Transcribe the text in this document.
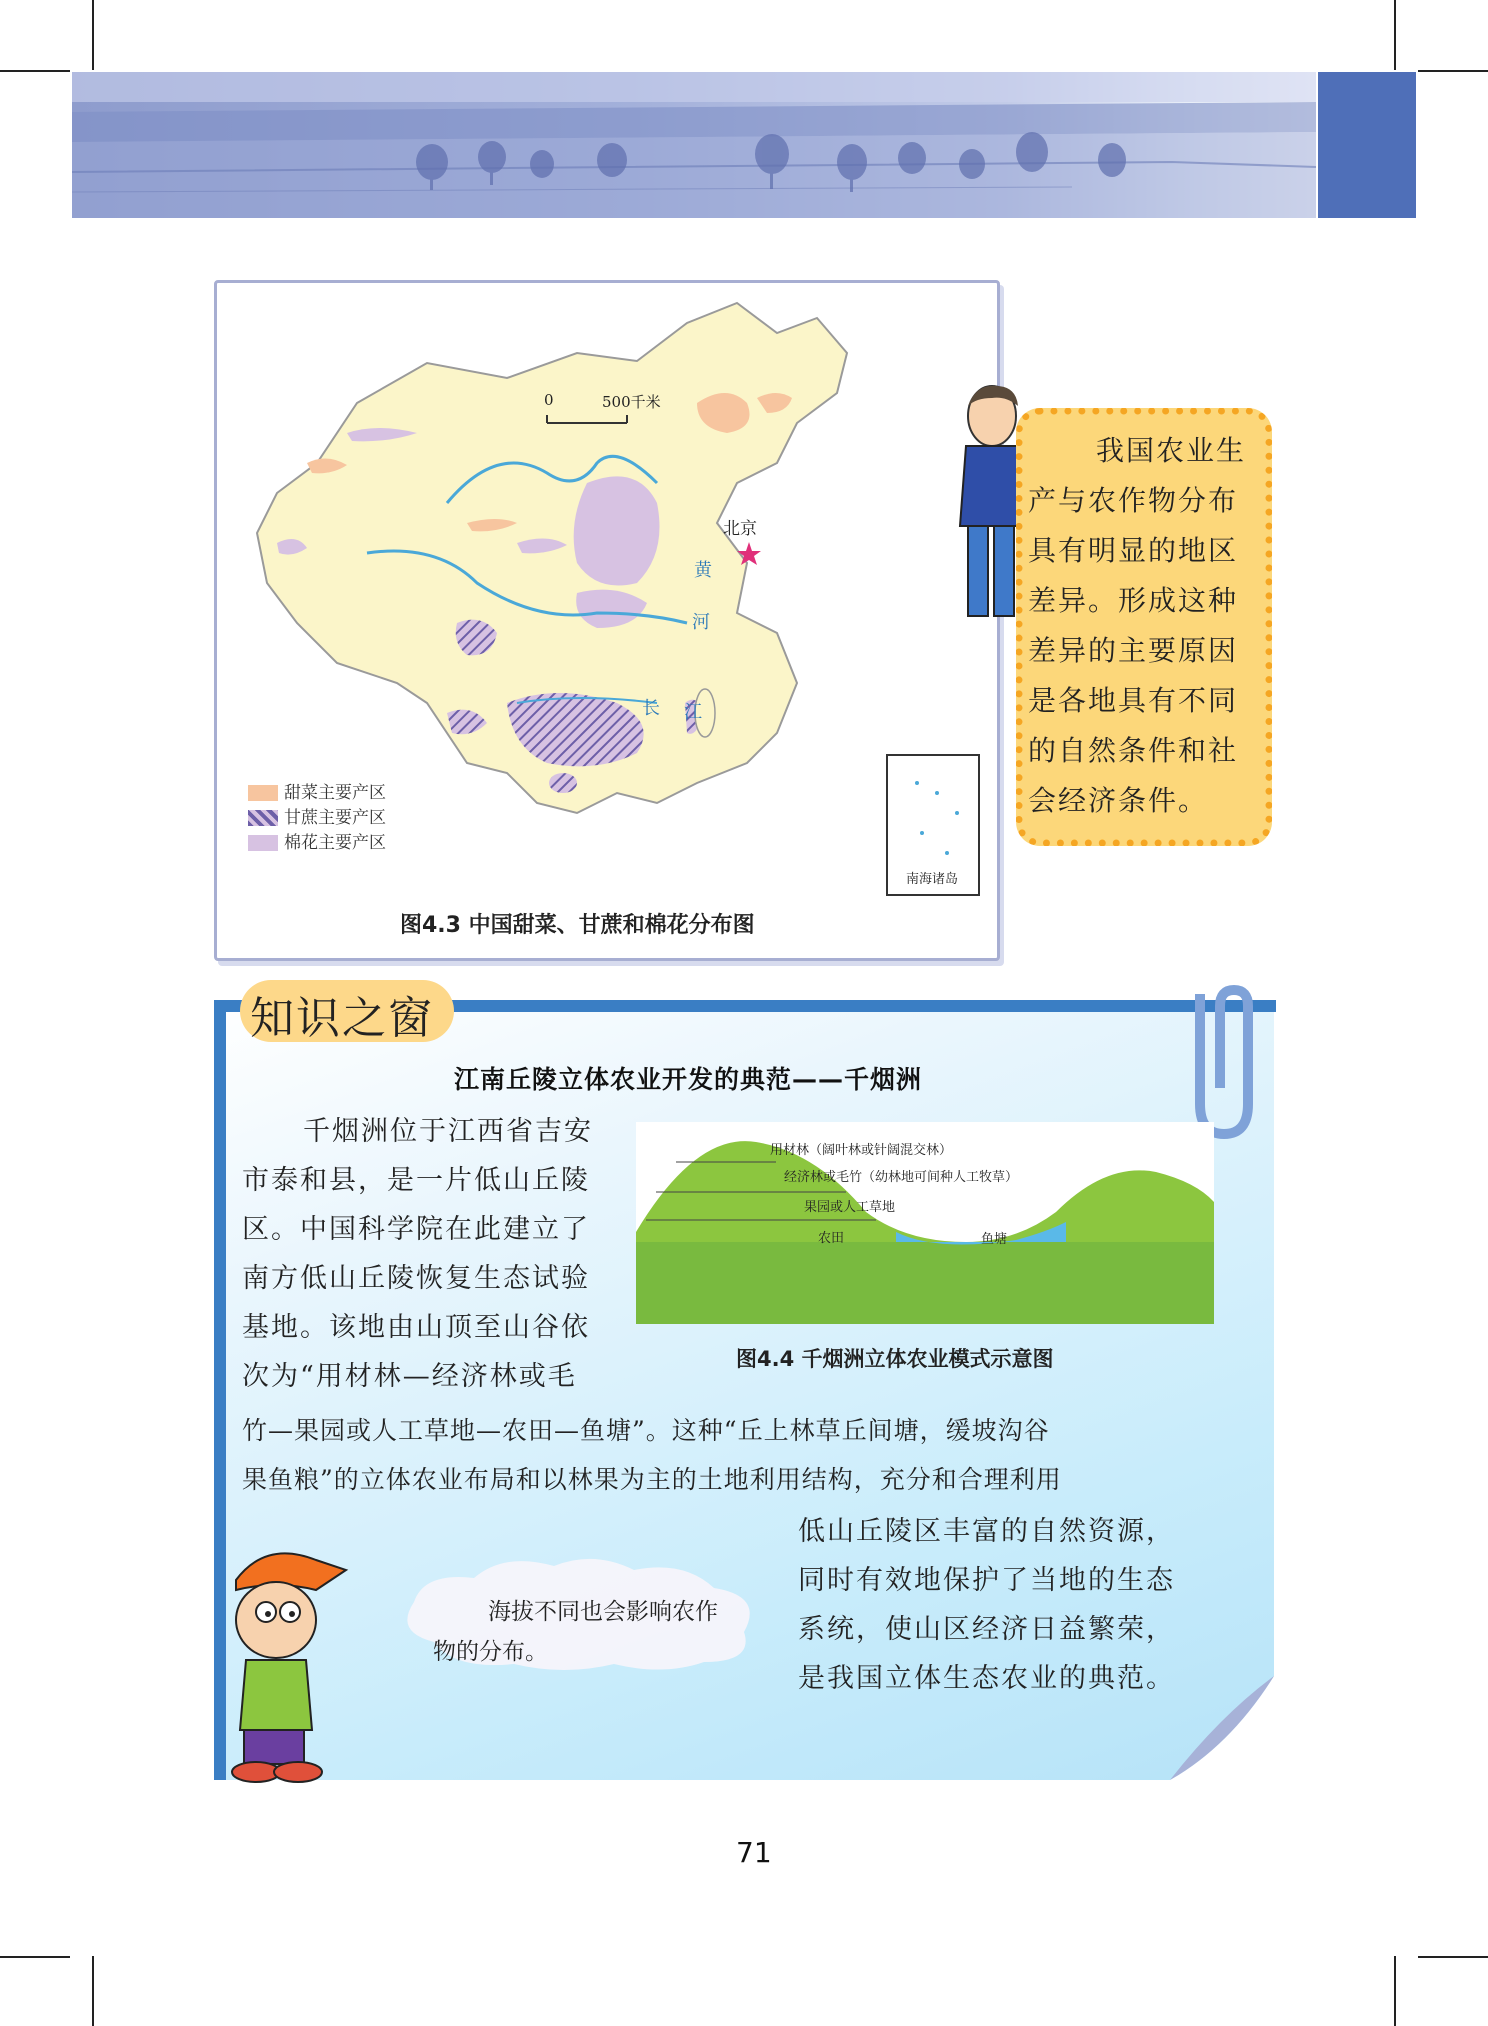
0	500千米
北京
黄
河
长 江
南海诸岛
甜菜主要产区
甘蔗主要产区
棉花主要产区
图4.3 中国甜菜、甘蔗和棉花分布图
我国农业生产与农作物分布具有明显的地区差异。形成这种差异的主要原因是各地具有不同的自然条件和社会经济条件。
知识之窗
江南丘陵立体农业开发的典范——千烟洲
千烟洲位于江西省吉安
市泰和县，是一片低山丘陵
区。中国科学院在此建立了
南方低山丘陵恢复生态试验
基地。该地由山顶至山谷依
次为“用材林—经济林或毛
竹—果园或人工草地—农田—鱼塘”。这种“丘上林草丘间塘，缓坡沟谷
果鱼粮”的立体农业布局和以林果为主的土地利用结构，充分和合理利用
低山丘陵区丰富的自然资源，
同时有效地保护了当地的生态
系统，使山区经济日益繁荣，
是我国立体生态农业的典范。
用材林（阔叶林或针阔混交林）
经济林或毛竹（幼林地可间种人工牧草）
果园或人工草地
农田	鱼塘
图4.4 千烟洲立体农业模式示意图
海拔不同也会影响农作
物的分布。
71
